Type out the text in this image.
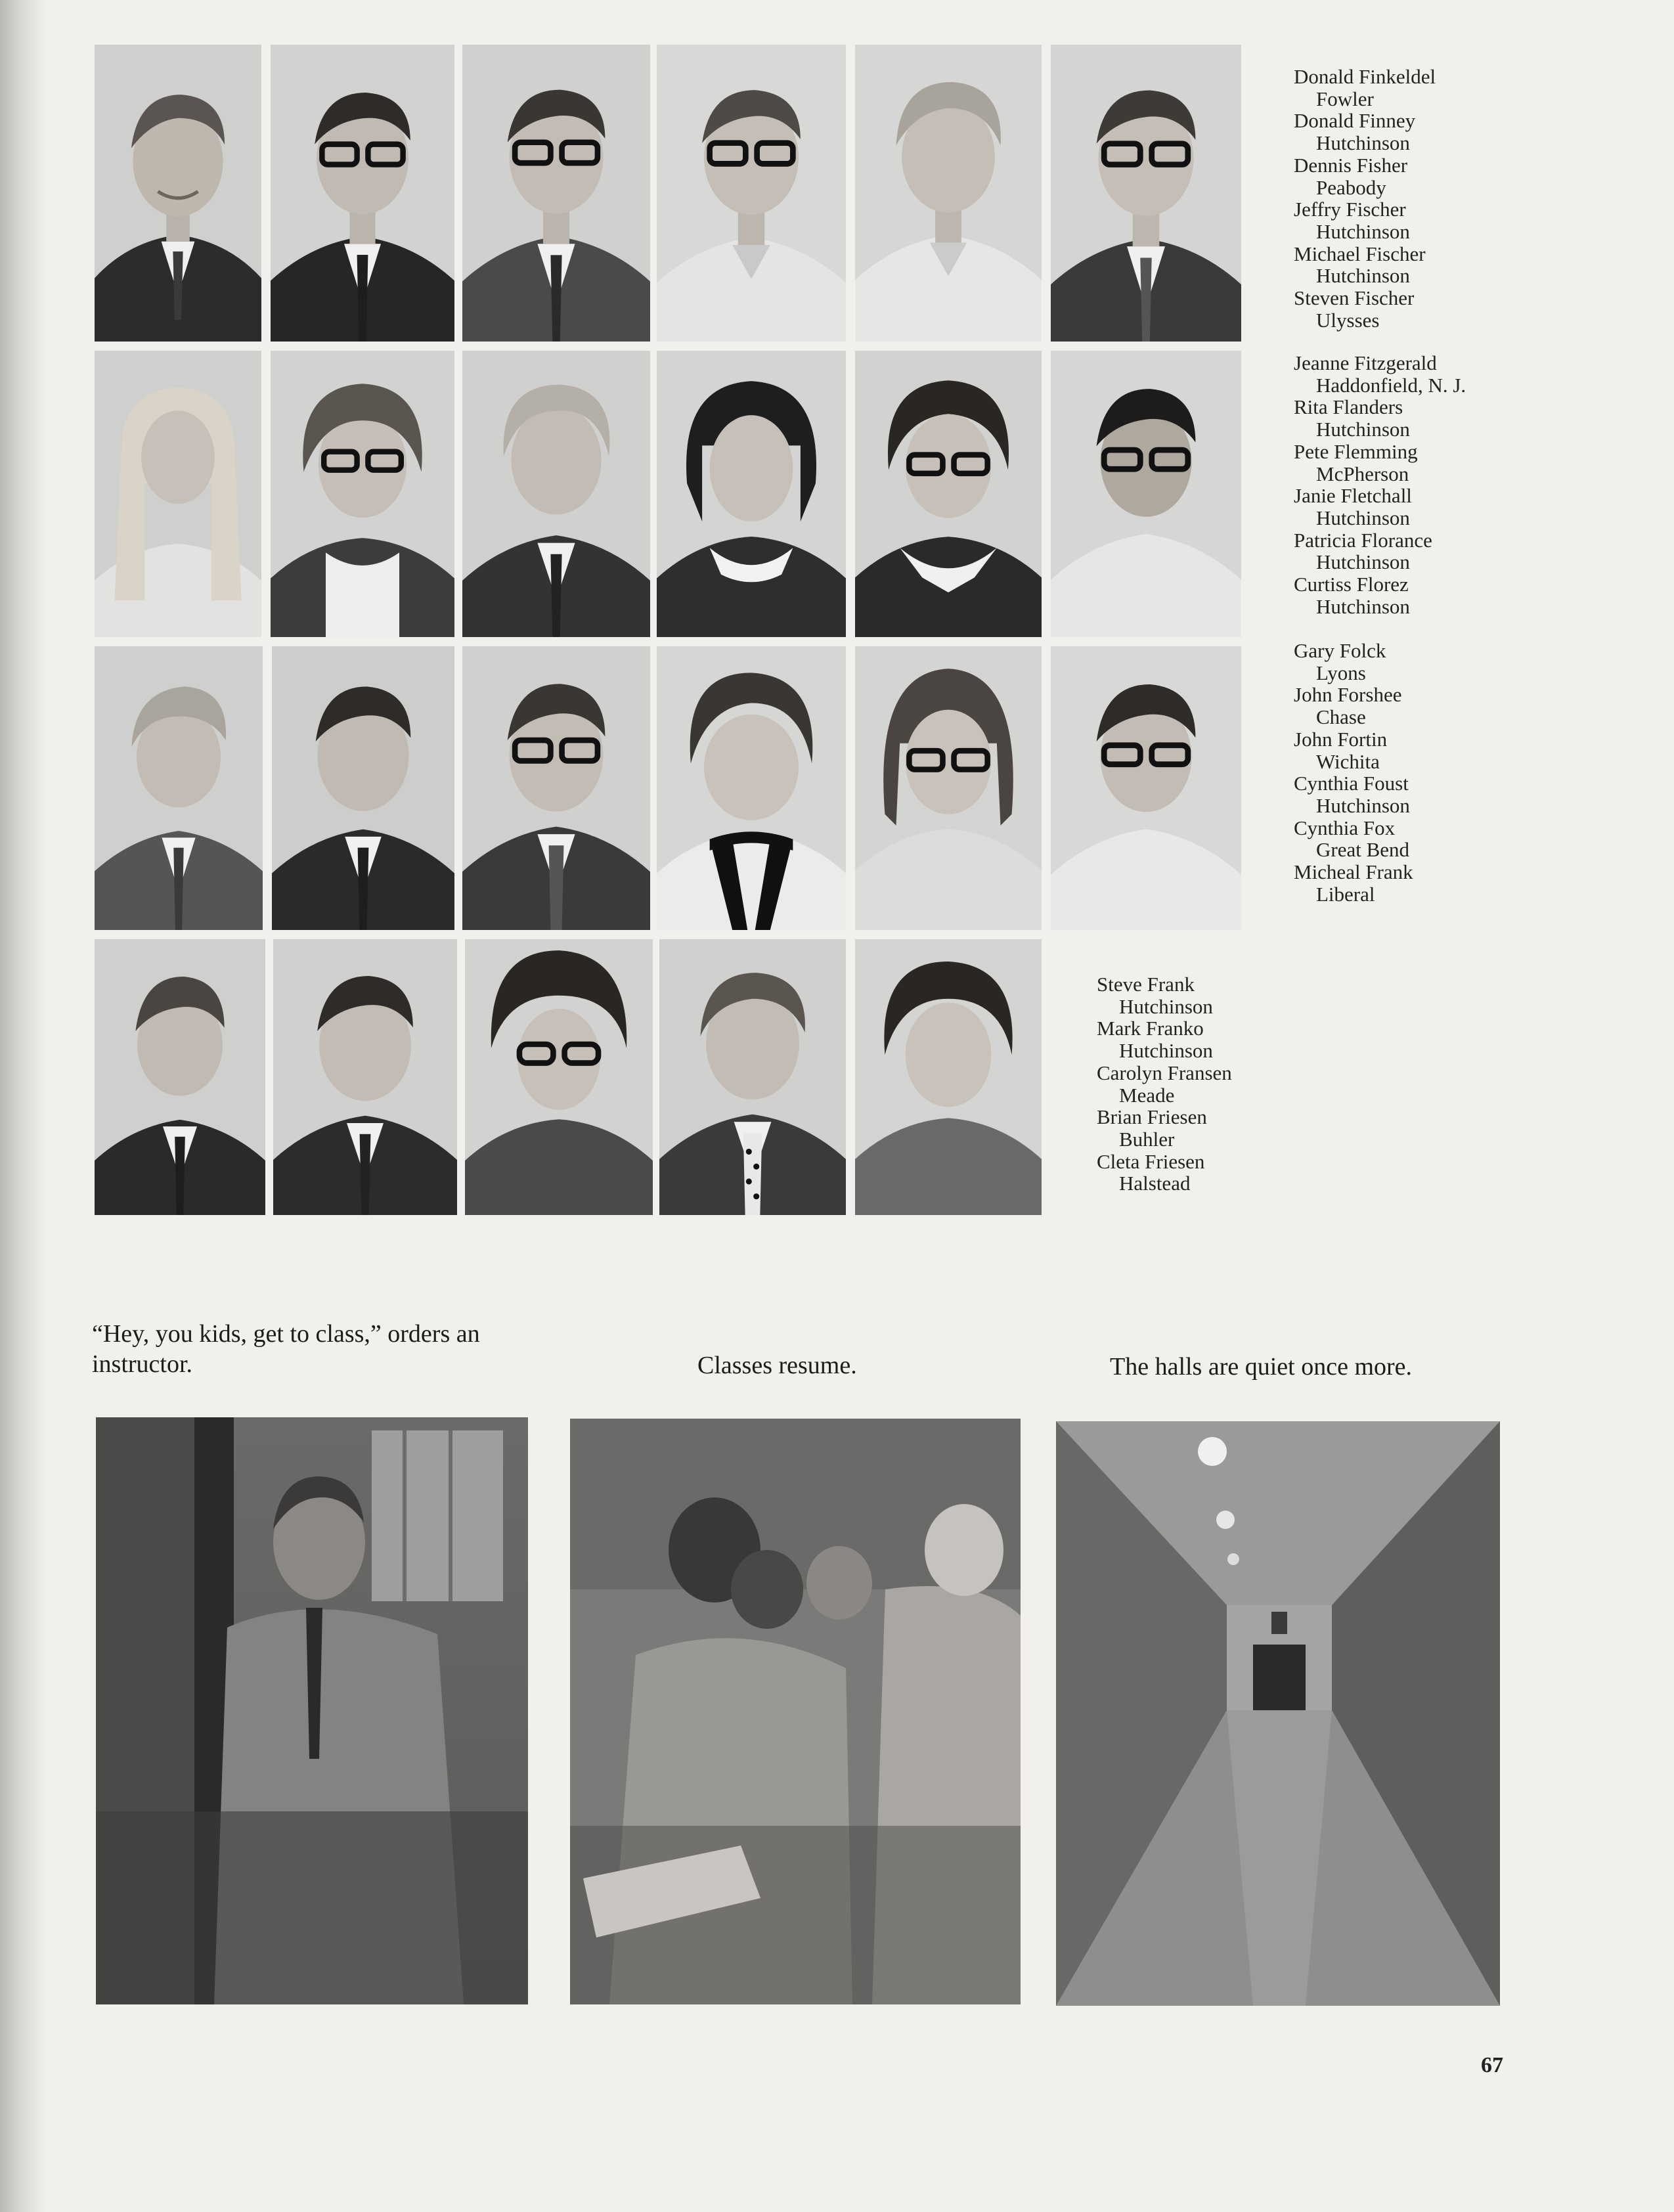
Donald Finkeldel
Fowler
Donald Finney
Hutchinson
Dennis Fisher
Peabody
Jeffry Fischer
Hutchinson
Michael Fischer
Hutchinson
Steven Fischer
Ulysses
Jeanne Fitzgerald
Haddonfield, N. J.
Rita Flanders
Hutchinson
Pete Flemming
McPherson
Janie Fletchall
Hutchinson
Patricia Florance
Hutchinson
Curtiss Florez
Hutchinson
Gary Folck
Lyons
John Forshee
Chase
John Fortin
Wichita
Cynthia Foust
Hutchinson
Cynthia Fox
Great Bend
Micheal Frank
Liberal
Steve Frank
Hutchinson
Mark Franko
Hutchinson
Carolyn Fransen
Meade
Brian Friesen
Buhler
Cleta Friesen
Halstead
“Hey, you kids, get to class,” orders an instructor.	Classes resume.	The halls are quiet once more.
67
